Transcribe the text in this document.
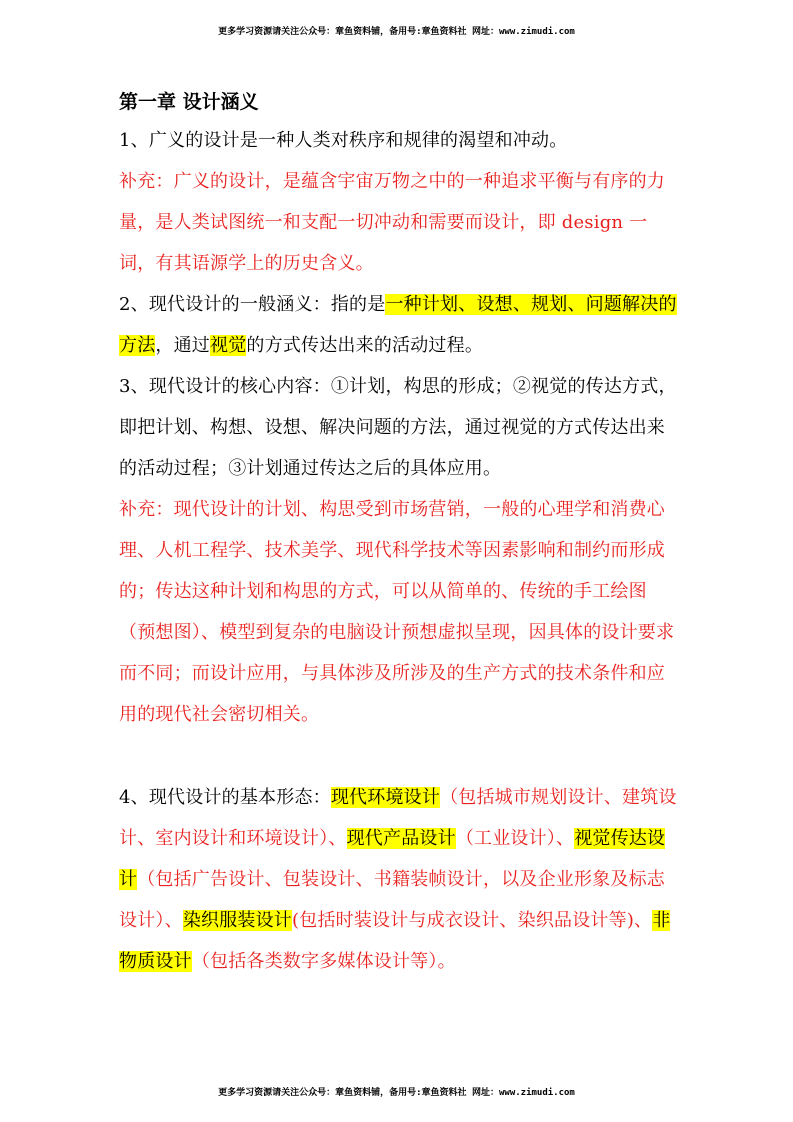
更多学习资源请关注公众号：章鱼资料铺，备用号:章鱼资料社 网址：www.zimudi.com
第一章 设计涵义

1、广义的设计是一种人类对秩序和规律的渴望和冲动。

补充：广义的设计，是蕴含宇宙万物之中的一种追求平衡与有序的力量，是人类试图统一和支配一切冲动和需要而设计，即 design 一词，有其语源学上的历史含义。

2、现代设计的一般涵义：指的是一种计划、设想、规划、问题解决的方法，通过视觉的方式传达出来的活动过程。

3、现代设计的核心内容：①计划，构思的形成；②视觉的传达方式，即把计划、构想、设想、解决问题的方法，通过视觉的方式传达出来的活动过程；③计划通过传达之后的具体应用。

补充：现代设计的计划、构思受到市场营销，一般的心理学和消费心理、人机工程学、技术美学、现代科学技术等因素影响和制约而形成的；传达这种计划和构思的方式，可以从简单的、传统的手工绘图（预想图）、模型到复杂的电脑设计预想虚拟呈现，因具体的设计要求而不同；而设计应用，与具体涉及所涉及的生产方式的技术条件和应用的现代社会密切相关。

4、现代设计的基本形态：现代环境设计（包括城市规划设计、建筑设计、室内设计和环境设计）、现代产品设计（工业设计）、视觉传达设计（包括广告设计、包装设计、书籍装帧设计，以及企业形象及标志设计）、染织服装设计(包括时装设计与成衣设计、染织品设计等)、非物质设计（包括各类数字多媒体设计等）。

更多学习资源请关注公众号：章鱼资料铺，备用号:章鱼资料社 网址：www.zimudi.com
